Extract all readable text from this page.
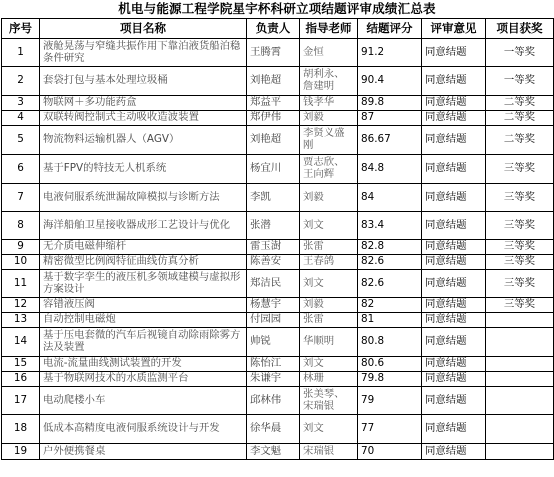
机电与能源工程学院星宇杯科研立项结题评审成绩汇总表
序号	项目名称	负责人	指导老师	结题评分	评审意见	项目获奖
1	液舱晃荡与窄缝共振作用下靠泊液货船泊稳条件研究	王腾霄	金恒	91.2	同意结题	一等奖
2	套袋打包与基本处理垃圾桶	刘艳超	胡利永、詹建明	90.4	同意结题	一等奖
3	物联网＋多功能药盒	郑益平	钱孝华	89.8	同意结题	二等奖
4	双联转阀控制式主动吸收造波装置	郑伊伟	刘毅	87	同意结题	二等奖
5	物流物料运输机器人（AGV）	刘艳超	李贤义盛刚	86.67	同意结题	二等奖
6	基于FPV的特技无人机系统	杨宜川	贾志欣、王向辉	84.8	同意结题	三等奖
7	电液伺服系统泄漏故障模拟与诊断方法	李凯	刘毅	84	同意结题	三等奖
8	海洋船舶卫星接收器成形工艺设计与优化	张潜	刘文	83.4	同意结题	三等奖
9	无介质电磁伸缩杆	雷玉澍	张雷	82.8	同意结题	三等奖
10	精密微型比例阀特征曲线仿真分析	陈善安	王春鸽	82.6	同意结题	三等奖
11	基于数字孪生的液压机多领域建模与虚拟形方案设计	郑洁民	刘文	82.6	同意结题	三等奖
12	容错液压阀	杨慧宇	刘毅	82	同意结题	三等奖
13	自动控制电磁炮	付园园	张雷	81	同意结题	
14	基于压电套微的汽车后视镜自动除雨除雾方法及装置	帅锐	华顺明	80.8	同意结题	
15	电流-流量曲线测试装置的开发	陈怡江	刘文	80.6	同意结题	
16	基于物联网技术的水质监测平台	朱谦宇	林珊	79.8	同意结题	
17	电动爬楼小车	邱林伟	张美琴、宋瑞银	79	同意结题	
18	低成本高精度电液伺服系统设计与开发	徐华晨	刘文	77	同意结题	
19	户外便携餐桌	李文魁	宋瑞银	70	同意结题	
